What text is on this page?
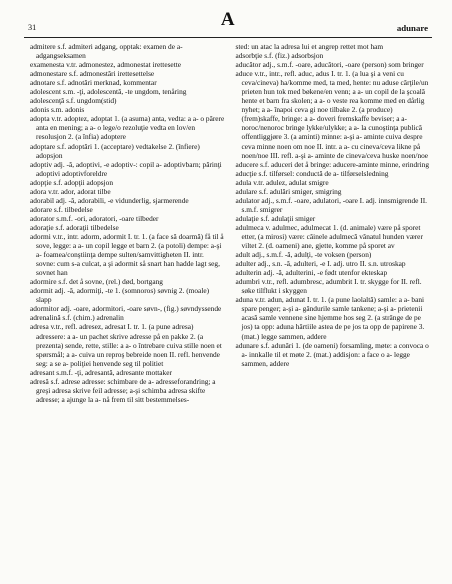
31	A	adunare

admitere s.f. admiteri adgang, opptak: examen de a- adgangseksamen

examenesta v.tr. admonestez, admonestat irettesette

admonestare s.f. admonestări irettesettelse

adnotare s.f. adnotări merknad, kommentar

adolescent s.m. -ţi, adolescentă, -te ungdom, tenåring

adolescenţă s.f. ungdom(stid)

adonis s.m. adonis

adopta v.tr. adoptez, adoptat 1. (a asuma) anta, vedta: a a- o părere anta en mening; a a- o lege/o rezoluţie vedta en lov/en resolusjon 2. (a înfia) adoptere

adoptare s.f. adoptări 1. (acceptare) vedtakelse 2. (înfiere) adopsjon

adoptiv adj. -ă, adoptivi, -e adoptiv-: copil a- adoptivbarn; părinţi adoptivi adoptivforeldre

adopţie s.f. adopţii adopsjon

adora v.tr. ador, adorat tilbe

adorabil adj. -ă, adorabili, -e vidunderlig, sjarmerende

adorare s.f. tilbedelse

adorator s.m.f. -ori, adoratori, -oare tilbeder

adoraţie s.f. adoraţii tilbedelse

adormi v.tr., intr. adorm, adormit I. tr. 1. (a face să doarmă) få til å sove, legge: a a- un copil legge et barn 2. (a potoli) dempe: a-şi a- foamea/conştiinţa dempe sulten/samvittigheten II. intr. sovne: cum s-a culcat, a şi adormit så snart han hadde lagt seg, sovnet han

adormire s.f. det å sovne, (rel.) død, bortgang

adormit adj. -ă, adormiţi, -te 1. (somnoros) søvnig 2. (moale) slapp

adormitor adj. -oare, adormitori, -oare søvn-, (fig.) søvndyssende

adrenalină s.f. (chim.) adrenalin

adresa v.tr., refl. adresez, adresat I. tr. 1. (a pune adresa) adressere: a a- un pachet skrive adresse på en pakke 2. (a prezenta) sende, rette, stille: a a- o întrebare cuiva stille noen et spørsmål; a a- cuiva un reproş bebreide noen II. refl. henvende seg: a se a- poliţiei henvende seg til politiet

adresant s.m.f. -ţi, adresantă, adresante mottaker

adresă s.f. adrese adresse: schimbare de a- adresseforandring; a greşi adresa skrive feil adresse; a-şi schimba adresa skifte adresse; a ajunge la a- nå frem til sitt bestemmelses-

sted: un atac la adresa lui et angrep rettet mot ham

adsorbţie s.f. (fiz.) adsorbsjon

aducător adj., s.m.f. -oare, aducători, -oare (person) som bringer

aduce v.tr., intr., refl. aduc, adus I. tr. 1. (a lua şi a veni cu ceva/cineva) ha/komme med, ta med, hente: nu aduse cărţile/un prieten hun tok med bøkene/en venn; a a- un copil de la şcoală hente et barn fra skolen; a a- o veste rea komme med en dårlig nyhet; a a- înapoi ceva gi noe tilbake 2. (a produce) (frem)skaffe, bringe: a a- doveri fremskaffe beviser; a a- noroc/nenoroc bringe lykke/ulykke; a a- la cunoştinţa publică offentliggjøre 3. (a aminti) minne: a-şi a- aminte cuiva despre ceva minne noen om noe II. intr. a a- cu cineva/ceva likne på noen/noe III. refl. a-şi a- aminte de cineva/ceva huske noen/noe

aducere s.f. aduceri det å bringe: aducere-aminte minne, erindring

aducţie s.f. tilførsel: conductă de a- tilførselsledning

adula v.tr. adulez, adulat smigre

adulare s.f. adulări smiger, smigring

adulator adj., s.m.f. -oare, adulatori, -oare I. adj. innsmigrende II. s.m.f. smigrer

adulaţie s.f. adulaţii smiger

adulmeca v. adulmec, adulmecat 1. (d. animale) værе på sporet etter, (a mirosi) værе: câinele adulmecă vânatul hunden værer viltet 2. (d. oameni) ane, gjette, komme på sporet av

adult adj., s.m.f. -ă, adulţi, -te voksen (person)

adulter adj., s.n. -ă, adulteri, -e I. adj. utro II. s.n. utroskap

adulterin adj. -ă, adulterini, -e født utenfor ekteskap

adumbri v.tr., refl. adumbresc, adumbrit I. tr. skygge for II. refl. søke tilflukt i skyggen

aduna v.tr. adun, adunat I. tr. 1. (a pune laolaltă) samle: a a- bani spare penger; a-şi a- gândurile samle tankene; a-şi a- prietenii acasă samle vennene sine hjemme hos seg 2. (a strânge de pe jos) ta opp: aduna hârtiile astea de pe jos ta opp de papirene 3. (mat.) legge sammen, addere

adunare s.f. adunări 1. (de oameni) forsamling, møte: a convoca o a- innkalle til et møte 2. (mat.) addisjon: a face o a- legge sammen, addere
